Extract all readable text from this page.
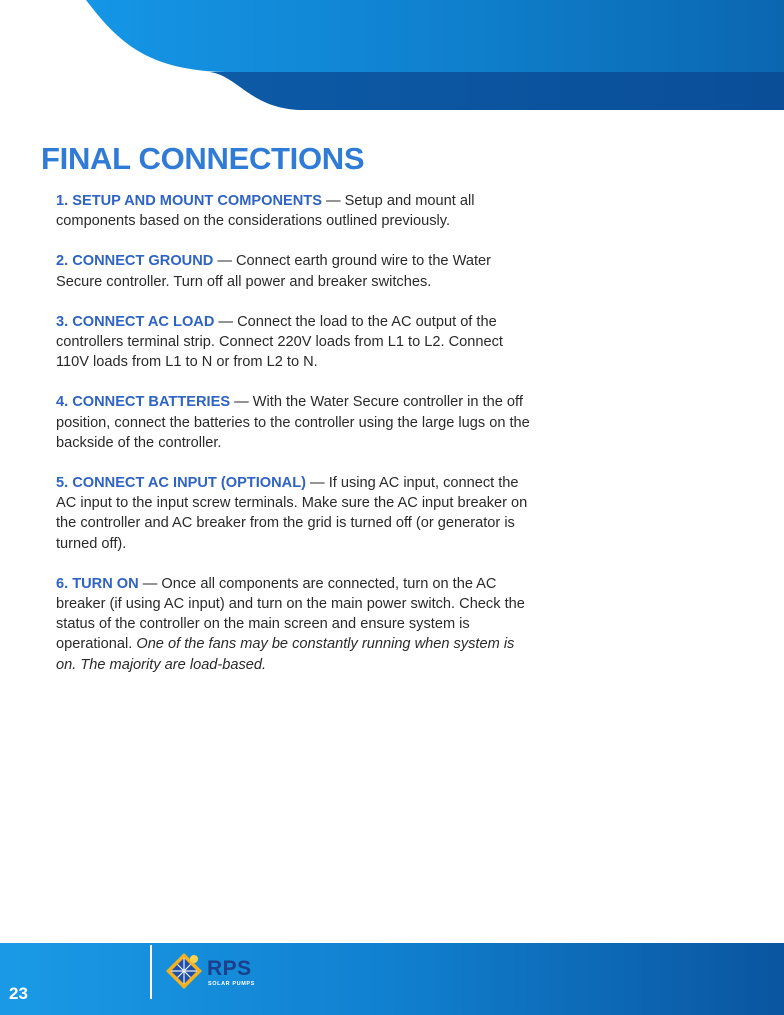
FINAL CONNECTIONS

1. SETUP AND MOUNT COMPONENTS — Setup and mount all components based on the considerations outlined previously.

2. CONNECT GROUND — Connect earth ground wire to the Water Secure controller. Turn off all power and breaker switches.

3. CONNECT AC LOAD — Connect the load to the AC output of the controllers terminal strip. Connect 220V loads from L1 to L2. Connect 110V loads from L1 to N or from L2 to N.

4. CONNECT BATTERIES — With the Water Secure controller in the off position, connect the batteries to the controller using the large lugs on the backside of the controller.

5. CONNECT AC INPUT (OPTIONAL) — If using AC input, connect the AC input to the input screw terminals. Make sure the AC input breaker on the controller and AC breaker from the grid is turned off (or generator is turned off).

6. TURN ON — Once all components are connected, turn on the AC breaker (if using AC input) and turn on the main power switch. Check the status of the controller on the main screen and ensure system is operational. One of the fans may be constantly running when system is on. The majority are load-based.

23
RPS
SOLAR PUMPS
